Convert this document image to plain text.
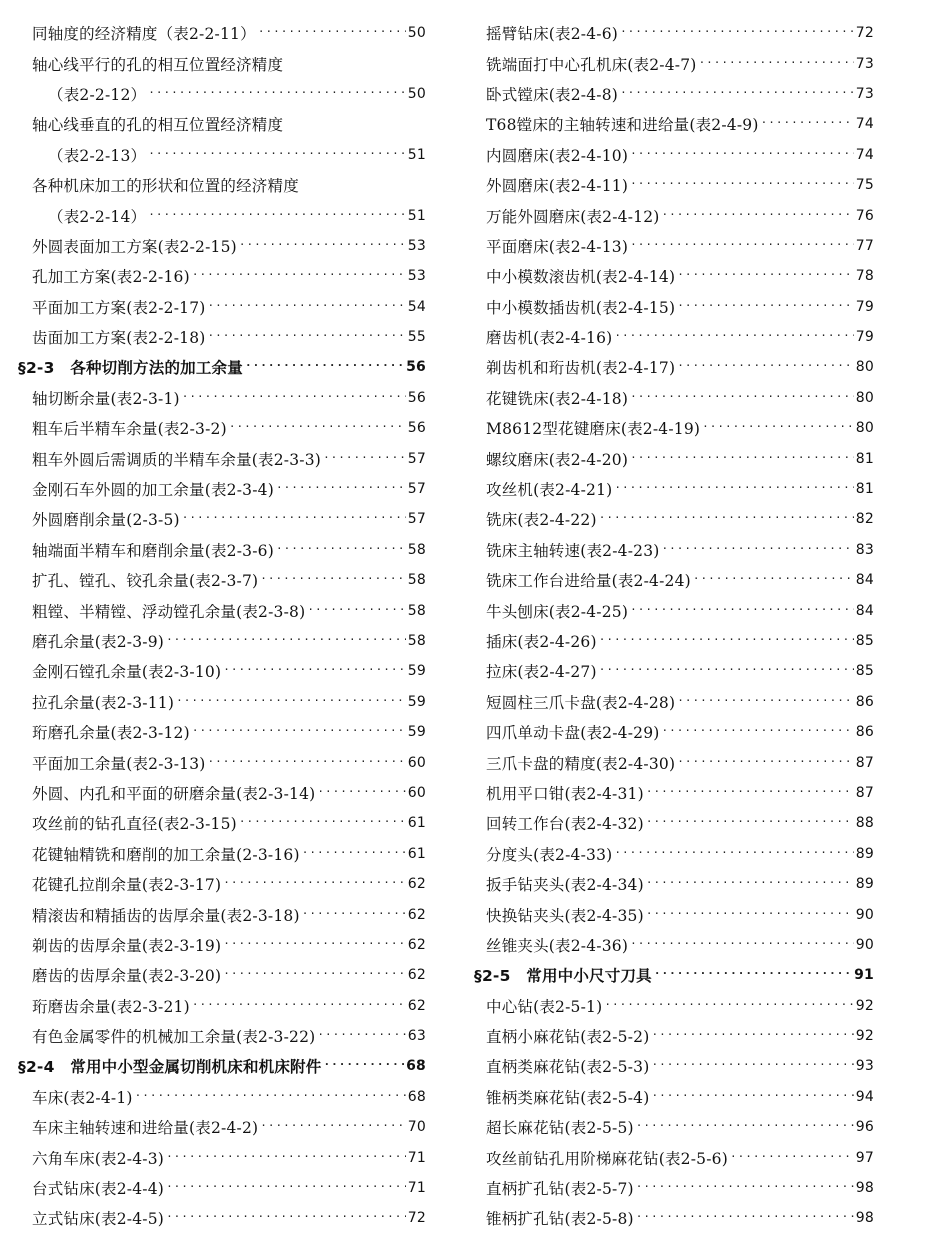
同轴度的经济精度（表2-2-11） ·····	50
轴心线平行的孔的相互位置经济精度
（表2-2-12） ·····	50
轴心线垂直的孔的相互位置经济精度
（表2-2-13） ·····	51
各种机床加工的形状和位置的经济精度
（表2-2-14） ·····	51
外圆表面加工方案(表2-2-15) ·····	53
孔加工方案(表2-2-16) ·····	53
平面加工方案(表2-2-17) ·····	54
齿面加工方案(表2-2-18) ·····	55
§2-3　各种切削方法的加工余量 ·····	56
轴切断余量(表2-3-1) ·····	56
粗车后半精车余量(表2-3-2) ·····	56
粗车外圆后需调质的半精车余量(表2-3-3) ·····	57
金刚石车外圆的加工余量(表2-3-4) ·····	57
外圆磨削余量(2-3-5) ·····	57
轴端面半精车和磨削余量(表2-3-6) ·····	58
扩孔、镗孔、铰孔余量(表2-3-7) ·····	58
粗镗、半精镗、浮动镗孔余量(表2-3-8) ·····	58
磨孔余量(表2-3-9) ·····	58
金刚石镗孔余量(表2-3-10) ·····	59
拉孔余量(表2-3-11) ·····	59
珩磨孔余量(表2-3-12) ·····	59
平面加工余量(表2-3-13) ·····	60
外圆、内孔和平面的研磨余量(表2-3-14) ·····	60
攻丝前的钻孔直径(表2-3-15) ·····	61
花键轴精铣和磨削的加工余量(2-3-16) ·····	61
花键孔拉削余量(表2-3-17) ·····	62
精滚齿和精插齿的齿厚余量(表2-3-18) ·····	62
剃齿的齿厚余量(表2-3-19) ·····	62
磨齿的齿厚余量(表2-3-20) ·····	62
珩磨齿余量(表2-3-21) ·····	62
有色金属零件的机械加工余量(表2-3-22) ·····	63
§2-4　常用中小型金属切削机床和机床附件 ·····	68
车床(表2-4-1) ·····	68
车床主轴转速和进给量(表2-4-2) ·····	70
六角车床(表2-4-3) ·····	71
台式钻床(表2-4-4) ·····	71
立式钻床(表2-4-5) ·····	72
摇臂钻床(表2-4-6) ·····	72
铣端面打中心孔机床(表2-4-7) ·····	73
卧式镗床(表2-4-8) ·····	73
T68镗床的主轴转速和进给量(表2-4-9) ·····	74
内圆磨床(表2-4-10) ·····	74
外圆磨床(表2-4-11) ·····	75
万能外圆磨床(表2-4-12) ·····	76
平面磨床(表2-4-13) ·····	77
中小模数滚齿机(表2-4-14) ·····	78
中小模数插齿机(表2-4-15) ·····	79
磨齿机(表2-4-16) ·····	79
剃齿机和珩齿机(表2-4-17) ·····	80
花键铣床(表2-4-18) ·····	80
M8612型花键磨床(表2-4-19) ·····	80
螺纹磨床(表2-4-20) ·····	81
攻丝机(表2-4-21) ·····	81
铣床(表2-4-22) ·····	82
铣床主轴转速(表2-4-23) ·····	83
铣床工作台进给量(表2-4-24) ·····	84
牛头刨床(表2-4-25) ·····	84
插床(表2-4-26) ·····	85
拉床(表2-4-27) ·····	85
短圆柱三爪卡盘(表2-4-28) ·····	86
四爪单动卡盘(表2-4-29) ·····	86
三爪卡盘的精度(表2-4-30) ·····	87
机用平口钳(表2-4-31) ·····	87
回转工作台(表2-4-32) ·····	88
分度头(表2-4-33) ·····	89
扳手钻夹头(表2-4-34) ·····	89
快换钻夹头(表2-4-35) ·····	90
丝锥夹头(表2-4-36) ·····	90
§2-5　常用中小尺寸刀具 ·····	91
中心钻(表2-5-1) ·····	92
直柄小麻花钻(表2-5-2) ·····	92
直柄类麻花钻(表2-5-3) ·····	93
锥柄类麻花钻(表2-5-4) ·····	94
超长麻花钻(表2-5-5) ·····	96
攻丝前钻孔用阶梯麻花钻(表2-5-6) ·····	97
直柄扩孔钻(表2-5-7) ·····	98
锥柄扩孔钻(表2-5-8) ·····	98
